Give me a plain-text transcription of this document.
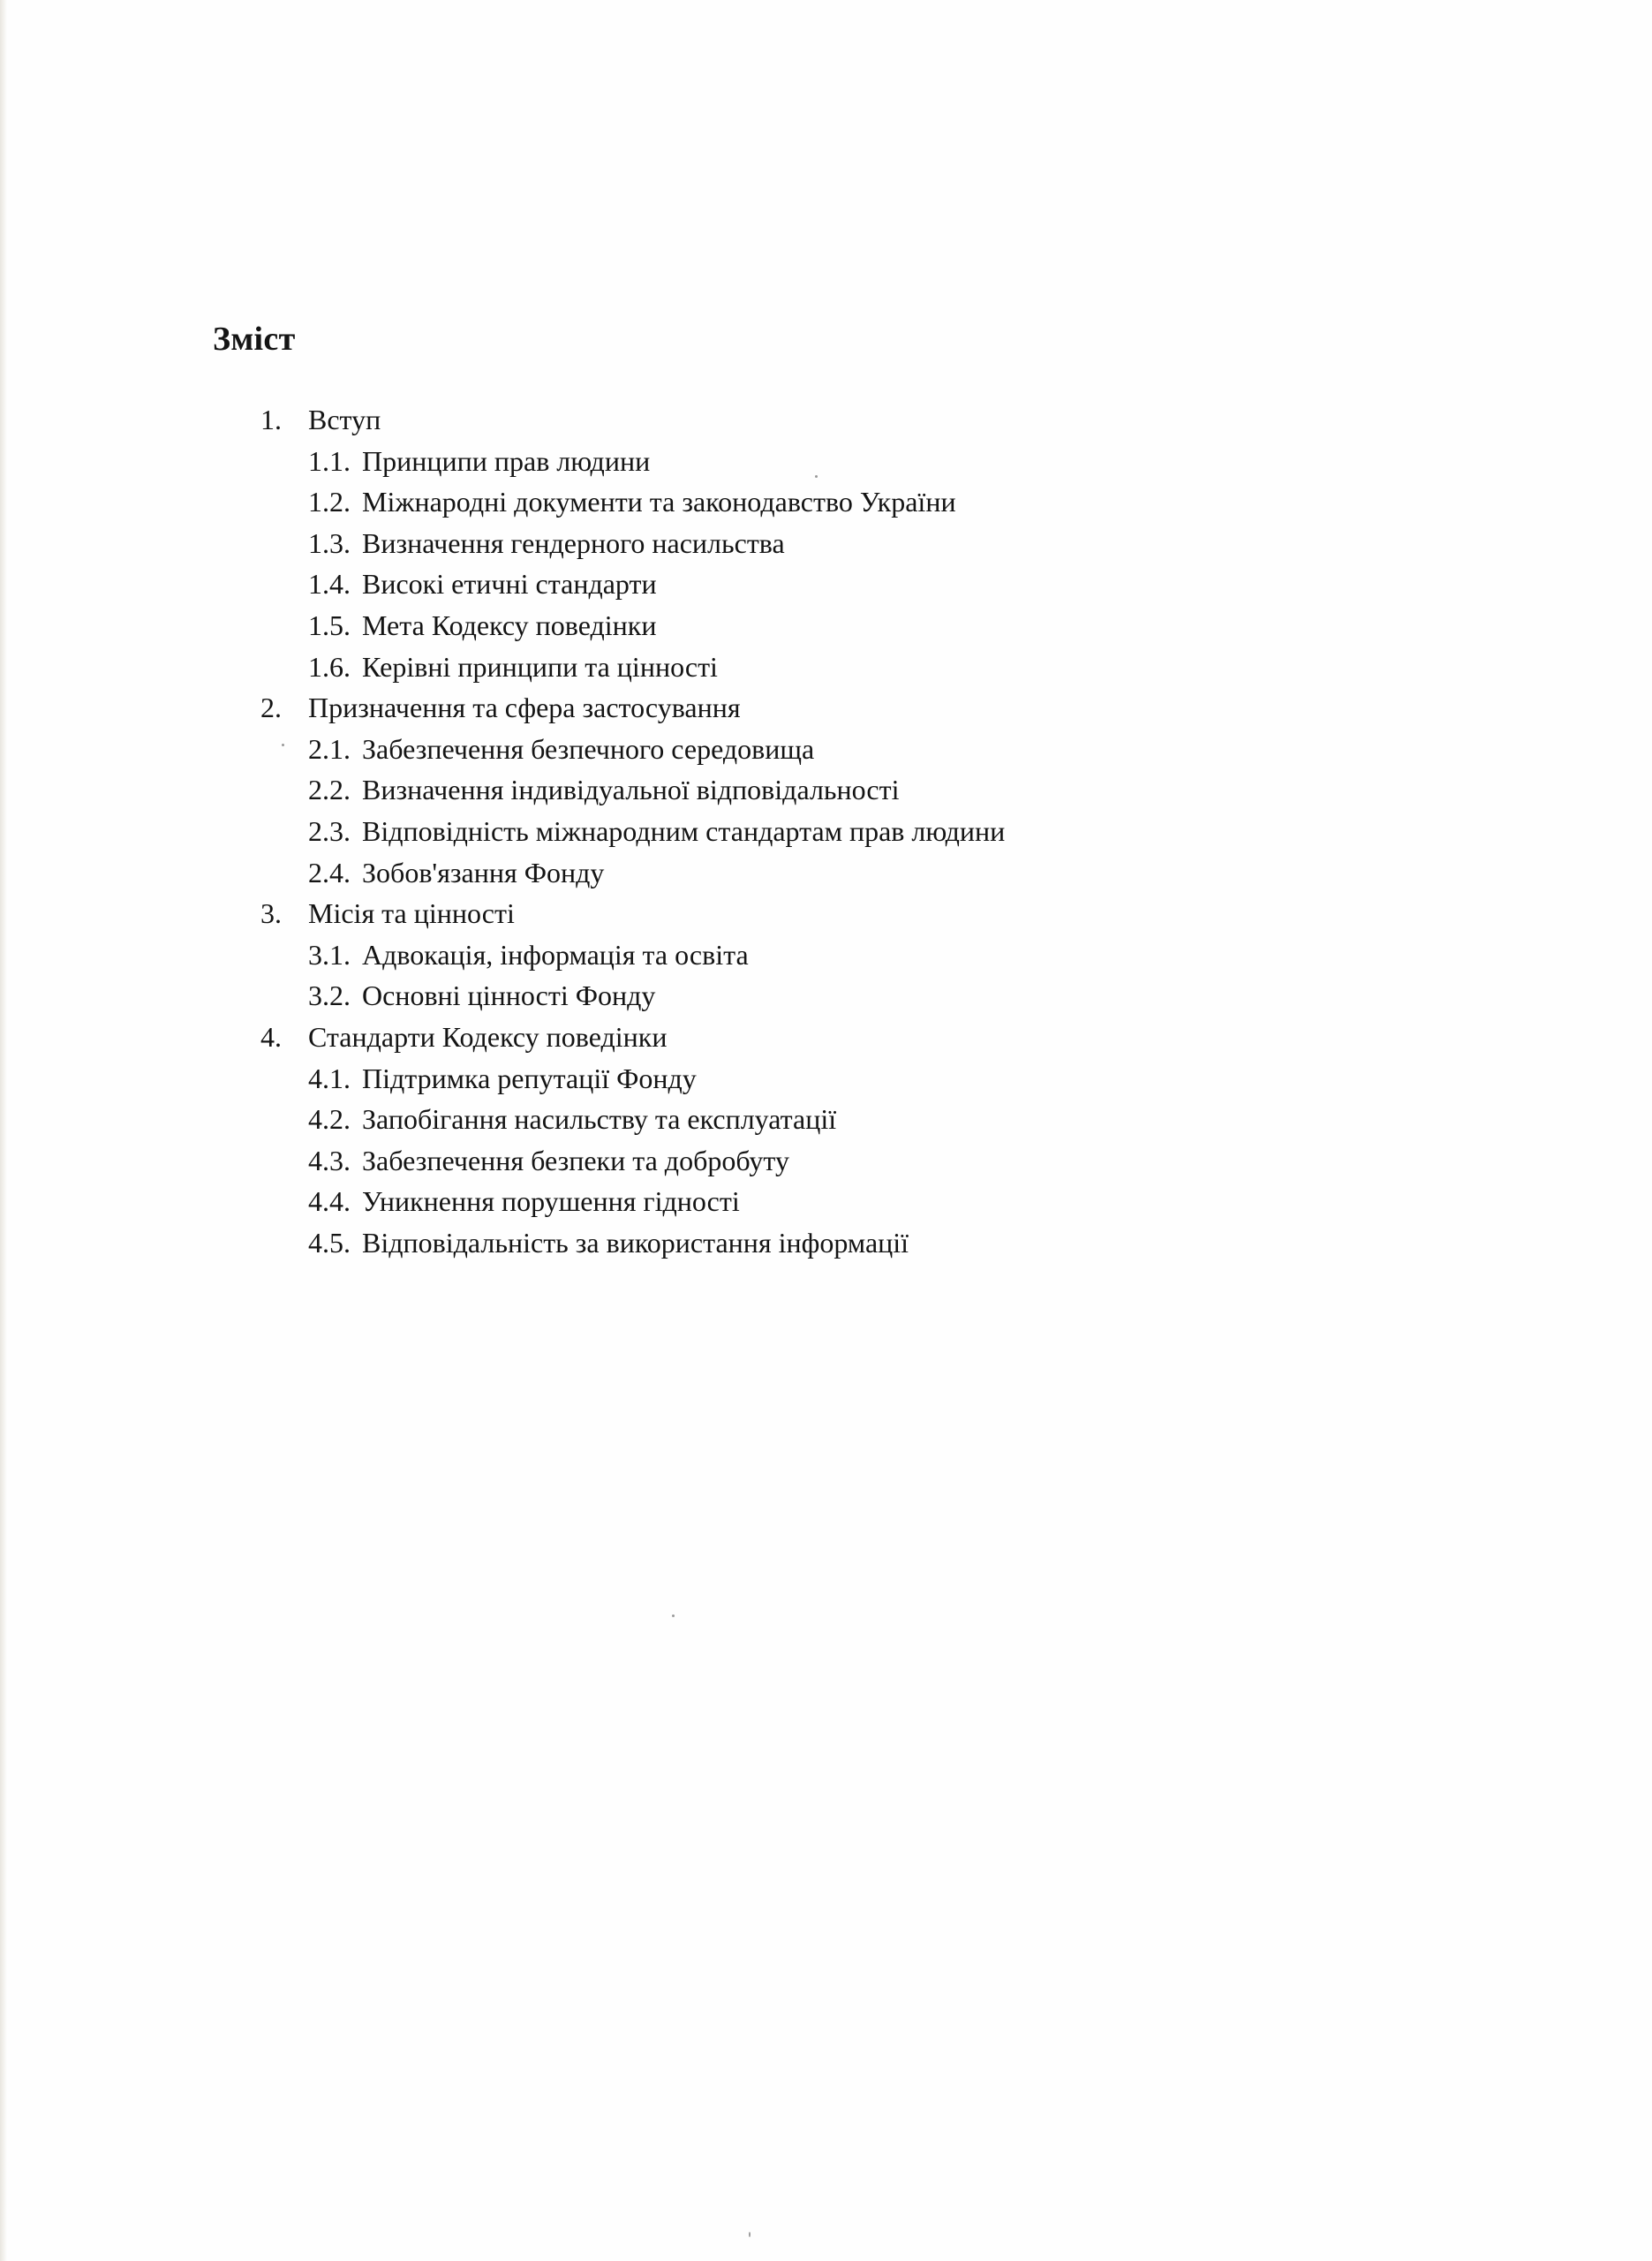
Зміст
1. Вступ
1.1. Принципи прав людини
1.2. Міжнародні документи та законодавство України
1.3. Визначення гендерного насильства
1.4. Високі етичні стандарти
1.5. Мета Кодексу поведінки
1.6. Керівні принципи та цінності
2. Призначення та сфера застосування
2.1. Забезпечення безпечного середовища
2.2. Визначення індивідуальної відповідальності
2.3. Відповідність міжнародним стандартам прав людини
2.4. Зобов'язання Фонду
3. Місія та цінності
3.1. Адвокація, інформація та освіта
3.2. Основні цінності Фонду
4. Стандарти Кодексу поведінки
4.1. Підтримка репутації Фонду
4.2. Запобігання насильству та експлуатації
4.3. Забезпечення безпеки та добробуту
4.4. Уникнення порушення гідності
4.5. Відповідальність за використання інформації
